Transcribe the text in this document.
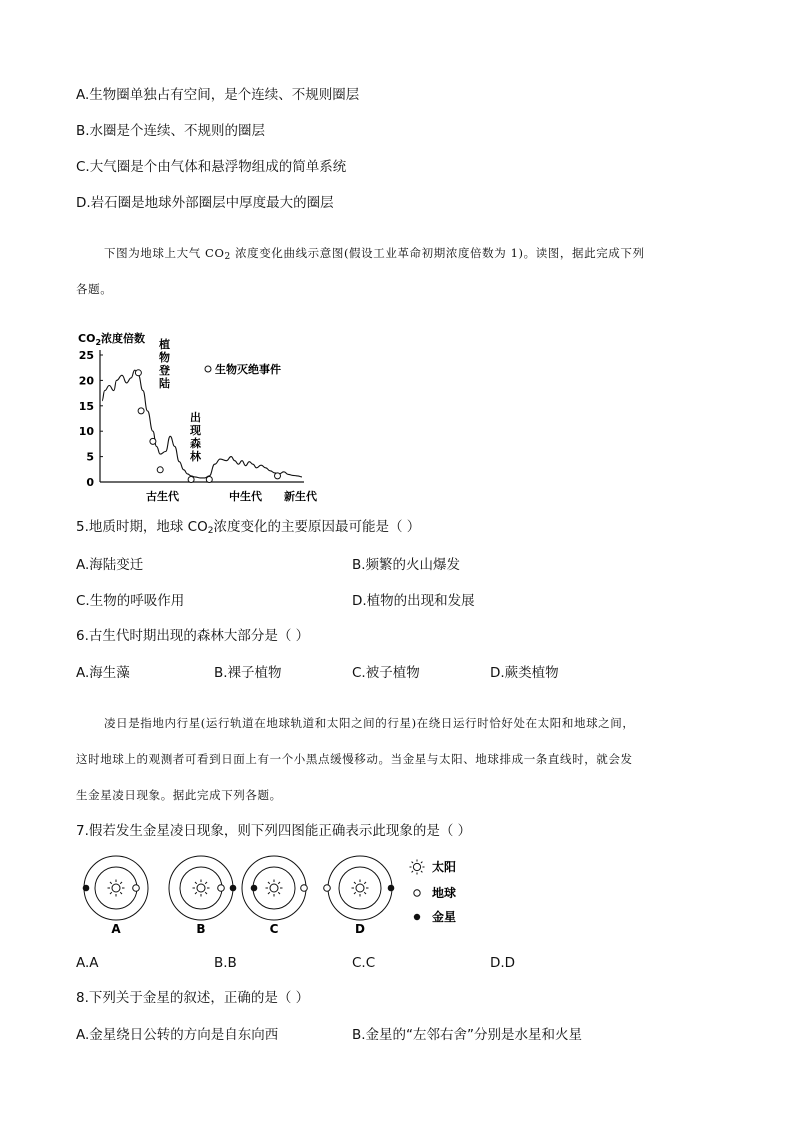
A.生物圈单独占有空间，是个连续、不规则圈层
B.水圈是个连续、不规则的圈层
C.大气圈是个由气体和悬浮物组成的简单系统
D.岩石圈是地球外部圈层中厚度最大的圈层
下图为地球上大气 $CO_2$ 浓度变化曲线示意图(假设工业革命初期浓度倍数为 1)。读图，据此完成下列
各题。
$CO_2$浓度倍数
25
20
15
10
5
0
植
物
登
陆
出
现
森
林
生物灭绝事件
古生代	中生代 新生代
5.地质时期，地球 $CO_2$浓度变化的主要原因最可能是（ ）
A.海陆变迁	B.频繁的火山爆发
C.生物的呼吸作用	D.植物的出现和发展
6.古生代时期出现的森林大部分是（ ）
A.海生藻	B.裸子植物	C.被子植物	D.蕨类植物
凌日是指地内行星(运行轨道在地球轨道和太阳之间的行星)在绕日运行时恰好处在太阳和地球之间，
这时地球上的观测者可看到日面上有一个小黑点缓慢移动。当金星与太阳、地球排成一条直线时，就会发
生金星凌日现象。据此完成下列各题。
7.假若发生金星凌日现象，则下列四图能正确表示此现象的是（ ）
A	B	C	D
太阳
地球
金星
A.A	B.B	C.C	D.D
8.下列关于金星的叙述，正确的是（ ）
A.金星绕日公转的方向是自东向西	B.金星的“左邻右舍”分别是水星和火星
